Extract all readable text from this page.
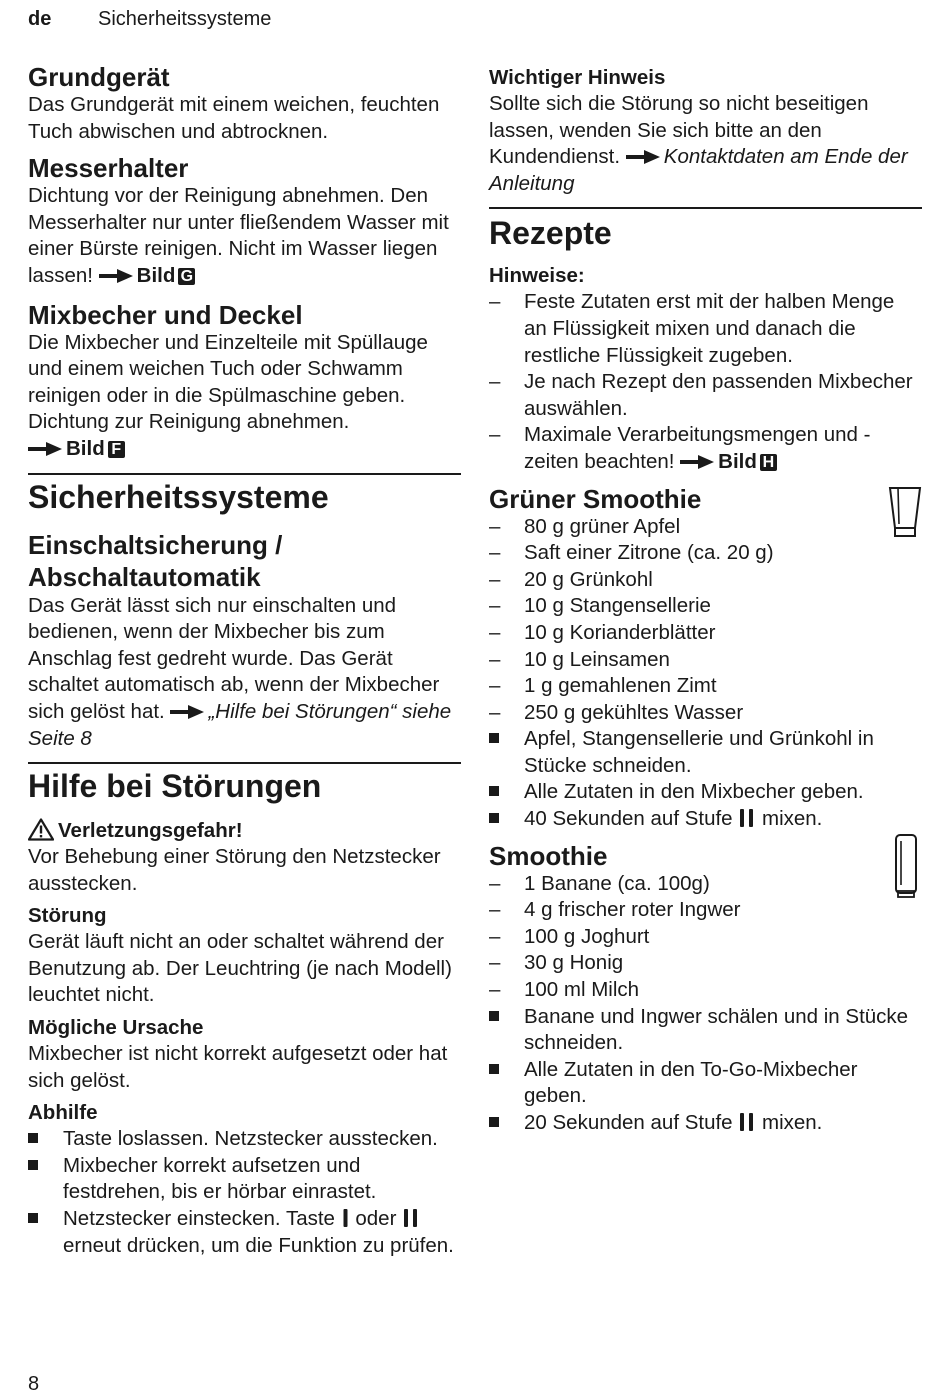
de Sicherheitssysteme
Grundgerät

Das Grundgerät mit einem weichen, feuchten Tuch abwischen und abtrocknen.

Messerhalter

Dichtung vor der Reinigung abnehmen. Den Messerhalter nur unter fließendem Wasser mit einer Bürste reinigen. Nicht im Wasser liegen lassen! Bild G

Mixbecher und Deckel

Die Mixbecher und Einzelteile mit Spüllauge und einem weichen Tuch oder Schwamm reinigen oder in die Spülmaschine geben. Dichtung zur Reinigung abnehmen.

Bild F

Sicherheitssysteme
Einschaltsicherung /
Abschaltautomatik

Das Gerät lässt sich nur einschalten und bedienen, wenn der Mixbecher bis zum Anschlag fest gedreht wurde. Das Gerät schaltet automatisch ab, wenn der Mixbecher sich gelöst hat. „Hilfe bei Störungen“ siehe Seite 8

Hilfe bei Störungen
Verletzungsgefahr!

Vor Behebung einer Störung den Netzstecker ausstecken.

Störung

Gerät läuft nicht an oder schaltet während der Benutzung ab. Der Leuchtring (je nach Modell) leuchtet nicht.

Mögliche Ursache

Mixbecher ist nicht korrekt aufgesetzt oder hat sich gelöst.

Abhilfe
Taste loslassen. Netzstecker ausstecken.
Mixbecher korrekt aufsetzen und festdrehen, bis er hörbar einrastet.
Netzstecker einstecken. Taste oder  erneut drücken, um die Funktion zu prüfen.
Wichtiger Hinweis

Sollte sich die Störung so nicht beseitigen lassen, wenden Sie sich bitte an den Kundendienst. Kontaktdaten am Ende der Anleitung

Rezepte
Hinweise:
–	Feste Zutaten erst mit der halben Menge an Flüssigkeit mixen und danach die restliche Flüssigkeit zugeben.
–	Je nach Rezept den passenden Mixbecher auswählen.
–	Maximale Verarbeitungsmengen und -zeiten beachten! Bild H
Grüner Smoothie
–	80 g grüner Apfel
–	Saft einer Zitrone (ca. 20 g)
–	20 g Grünkohl
–	10 g Stangensellerie
–	10 g Korianderblätter
–	10 g Leinsamen
–	1 g gemahlenen Zimt
–	250 g gekühltes Wasser
Apfel, Stangensellerie und Grünkohl in Stücke schneiden.
Alle Zutaten in den Mixbecher geben.
40 Sekunden auf Stufe mixen.
Smoothie
–	1 Banane (ca. 100g)
–	4 g frischer roter Ingwer
–	100 g Joghurt
–	30 g Honig
–	100 ml Milch
Banane und Ingwer schälen und in Stücke schneiden.
Alle Zutaten in den To-Go-Mixbecher geben.
20 Sekunden auf Stufe mixen.
8
